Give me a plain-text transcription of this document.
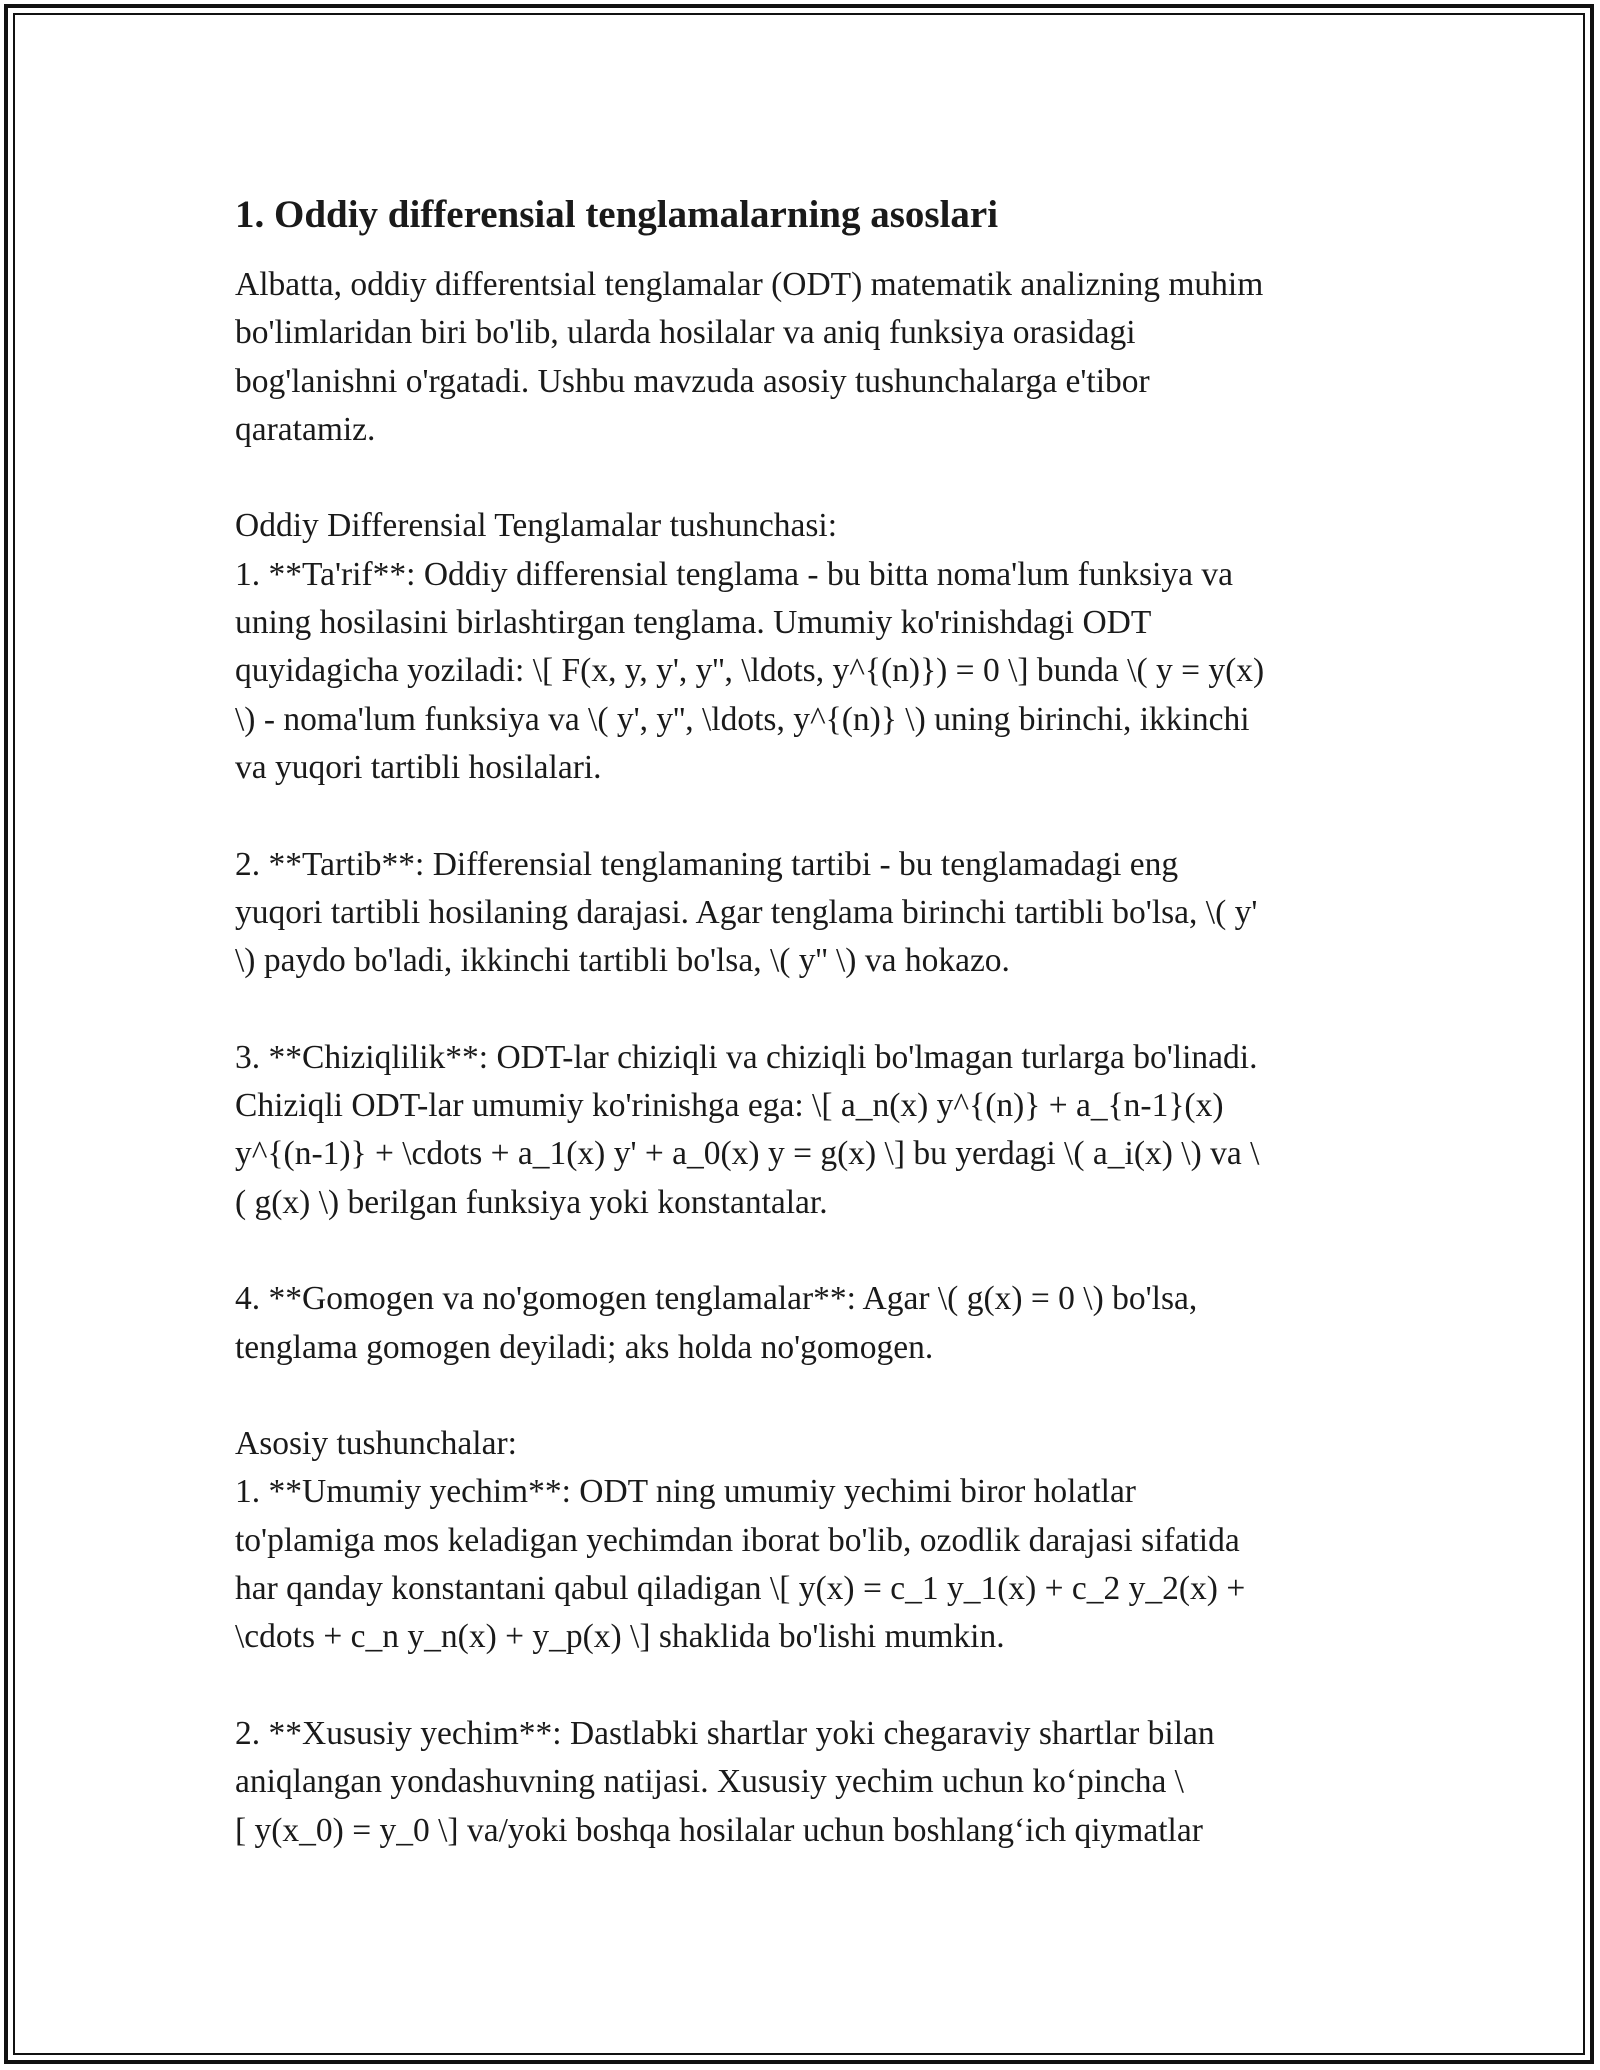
1. Oddiy differensial tenglamalarning asoslari
Albatta, oddiy differentsial tenglamalar (ODT) matematik analizning muhim
bo'limlaridan biri bo'lib, ularda hosilalar va aniq funksiya orasidagi
bog'lanishni o'rgatadi. Ushbu mavzuda asosiy tushunchalarga e'tibor
qaratamiz.
Oddiy Differensial Tenglamalar tushunchasi:
1. **Ta'rif**: Oddiy differensial tenglama - bu bitta noma'lum funksiya va
uning hosilasini birlashtirgan tenglama. Umumiy ko'rinishdagi ODT
quyidagicha yoziladi: \[ F(x, y, y', y'', \ldots, y^{(n)}) = 0 \] bunda \( y = y(x)
\) - noma'lum funksiya va \( y', y'', \ldots, y^{(n)} \) uning birinchi, ikkinchi
va yuqori tartibli hosilalari.
2. **Tartib**: Differensial tenglamaning tartibi - bu tenglamadagi eng
yuqori tartibli hosilaning darajasi. Agar tenglama birinchi tartibli bo'lsa, \( y'
\) paydo bo'ladi, ikkinchi tartibli bo'lsa, \( y'' \) va hokazo.
3. **Chiziqlilik**: ODT-lar chiziqli va chiziqli bo'lmagan turlarga bo'linadi.
Chiziqli ODT-lar umumiy ko'rinishga ega: \[ a_n(x) y^{(n)} + a_{n-1}(x)
y^{(n-1)} + \cdots + a_1(x) y' + a_0(x) y = g(x) \] bu yerdagi \( a_i(x) \) va \
( g(x) \) berilgan funksiya yoki konstantalar.
4. **Gomogen va no'gomogen tenglamalar**: Agar \( g(x) = 0 \) bo'lsa,
tenglama gomogen deyiladi; aks holda no'gomogen.
Asosiy tushunchalar:
1. **Umumiy yechim**: ODT ning umumiy yechimi biror holatlar
to'plamiga mos keladigan yechimdan iborat bo'lib, ozodlik darajasi sifatida
har qanday konstantani qabul qiladigan \[ y(x) = c_1 y_1(x) + c_2 y_2(x) +
\cdots + c_n y_n(x) + y_p(x) \] shaklida bo'lishi mumkin.
2. **Xususiy yechim**: Dastlabki shartlar yoki chegaraviy shartlar bilan
aniqlangan yondashuvning natijasi. Xususiy yechim uchun ko‘pincha \
[ y(x_0) = y_0 \] va/yoki boshqa hosilalar uchun boshlang‘ich qiymatlar
